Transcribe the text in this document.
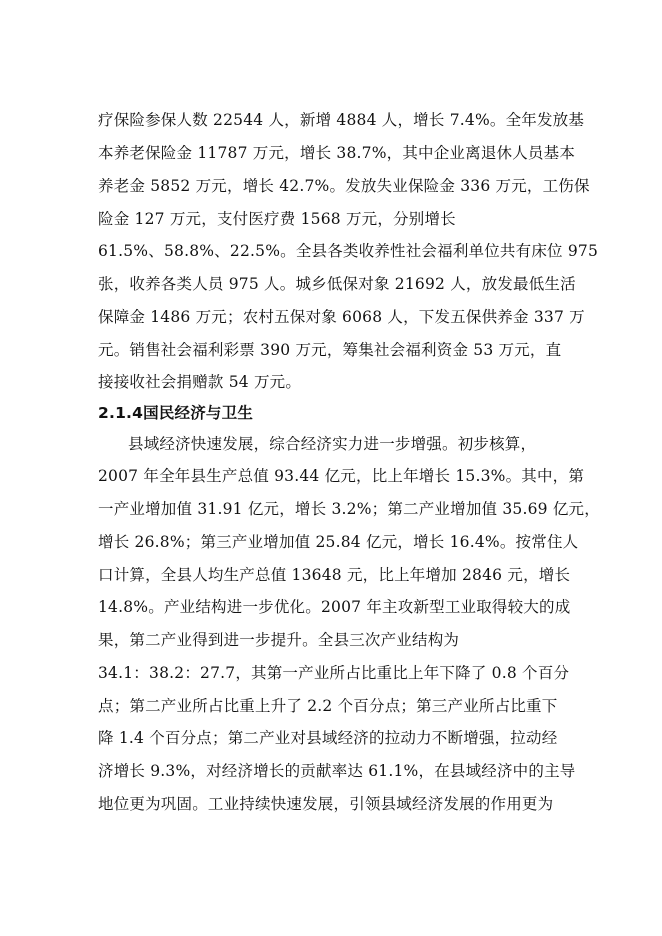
疗保险参保人数 22544 人，新增 4884 人，增长 7.4%。全年发放基
本养老保险金 11787 万元，增长 38.7%，其中企业离退休人员基本
养老金 5852 万元，增长 42.7%。发放失业保险金 336 万元，工伤保
险金 127 万元，支付医疗费 1568 万元，分别增长
61.5%、58.8%、22.5%。全县各类收养性社会福利单位共有床位 975
张，收养各类人员 975 人。城乡低保对象 21692 人，放发最低生活
保障金 1486 万元；农村五保对象 6068 人，下发五保供养金 337 万
元。销售社会福利彩票 390 万元，筹集社会福利资金 53 万元，直
接接收社会捐赠款 54 万元。
2.1.4国民经济与卫生
县域经济快速发展，综合经济实力进一步增强。初步核算，
2007 年全年县生产总值 93.44 亿元，比上年增长 15.3%。其中，第
一产业增加值 31.91 亿元，增长 3.2%；第二产业增加值 35.69 亿元，
增长 26.8%；第三产业增加值 25.84 亿元，增长 16.4%。按常住人
口计算，全县人均生产总值 13648 元，比上年增加 2846 元，增长
14.8%。产业结构进一步优化。2007 年主攻新型工业取得较大的成
果，第二产业得到进一步提升。全县三次产业结构为
34.1：38.2：27.7，其第一产业所占比重比上年下降了 0.8 个百分
点；第二产业所占比重上升了 2.2 个百分点；第三产业所占比重下
降 1.4 个百分点；第二产业对县域经济的拉动力不断增强，拉动经
济增长 9.3%，对经济增长的贡献率达 61.1%，在县域经济中的主导
地位更为巩固。工业持续快速发展，引领县域经济发展的作用更为
